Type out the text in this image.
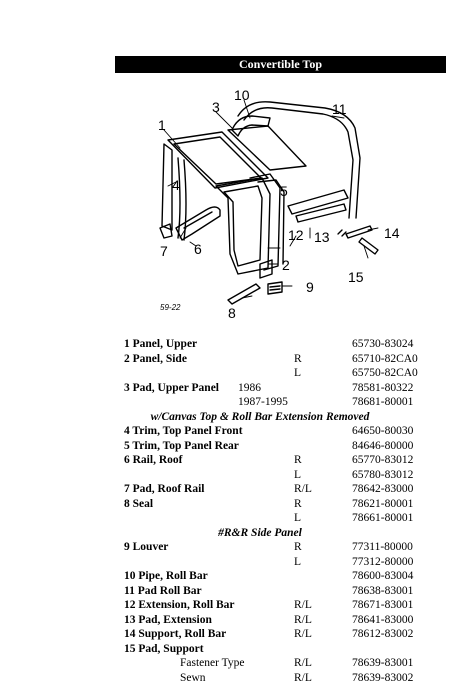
Convertible Top
1
2
3
4	5
6
7
8
9
10
11
12 13	14
15
59-22
1 Panel, Upper	65730-83024
2 Panel, Side	R	65710-82CA0
L	65750-82CA0
3 Pad, Upper Panel 1986	78581-80322
1987-1995	78681-80001
w/Canvas Top & Roll Bar Extension Removed
4 Trim, Top Panel Front	64650-80030
5 Trim, Top Panel Rear	84646-80000
6 Rail, Roof	R	65770-83012
L	65780-83012
7 Pad, Roof Rail	R/L	78642-83000
8 Seal	R	78621-80001
L	78661-80001
#R&R Side Panel
9 Louver	R	77311-80000
L	77312-80000
10 Pipe, Roll Bar	78600-83004
11 Pad Roll Bar	78638-83001
12 Extension, Roll Bar	R/L	78671-83001
13 Pad, Extension	R/L	78641-83000
14 Support, Roll Bar	R/L	78612-83002
15 Pad, Support
Fastener Type	R/L	78639-83001
Sewn	R/L	78639-83002
